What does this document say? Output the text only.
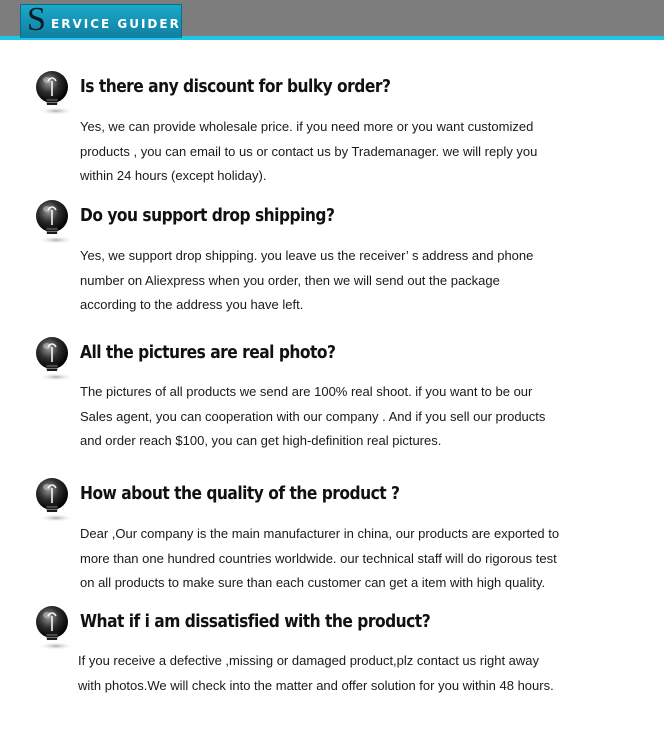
S ERVICE GUIDER
Is there any discount for bulky order?
Yes, we can provide wholesale price. if you need more or you want customized
products , you can email to us or contact us by Trademanager. we will reply you
within 24 hours (except holiday).
Do you support drop shipping?
Yes, we support drop shipping. you leave us the receiver’ s address and phone
number on Aliexpress when you order, then we will send out the package
according to the address you have left.
All the pictures are real photo?
The pictures of all products we send are 100% real shoot. if you want to be our
Sales agent, you can cooperation with our company . And if you sell our products
and order reach $100, you can get high-definition real pictures.
How about the quality of the product ?
Dear ,Our company is the main manufacturer in china, our products are exported to
more than one hundred countries worldwide. our technical staff will do rigorous test
on all products to make sure than each customer can get a item with high quality.
What if i am dissatisfied with the product?
If you receive a defective ,missing or damaged product,plz contact us right away
with photos.We will check into the matter and offer solution for you within 48 hours.
